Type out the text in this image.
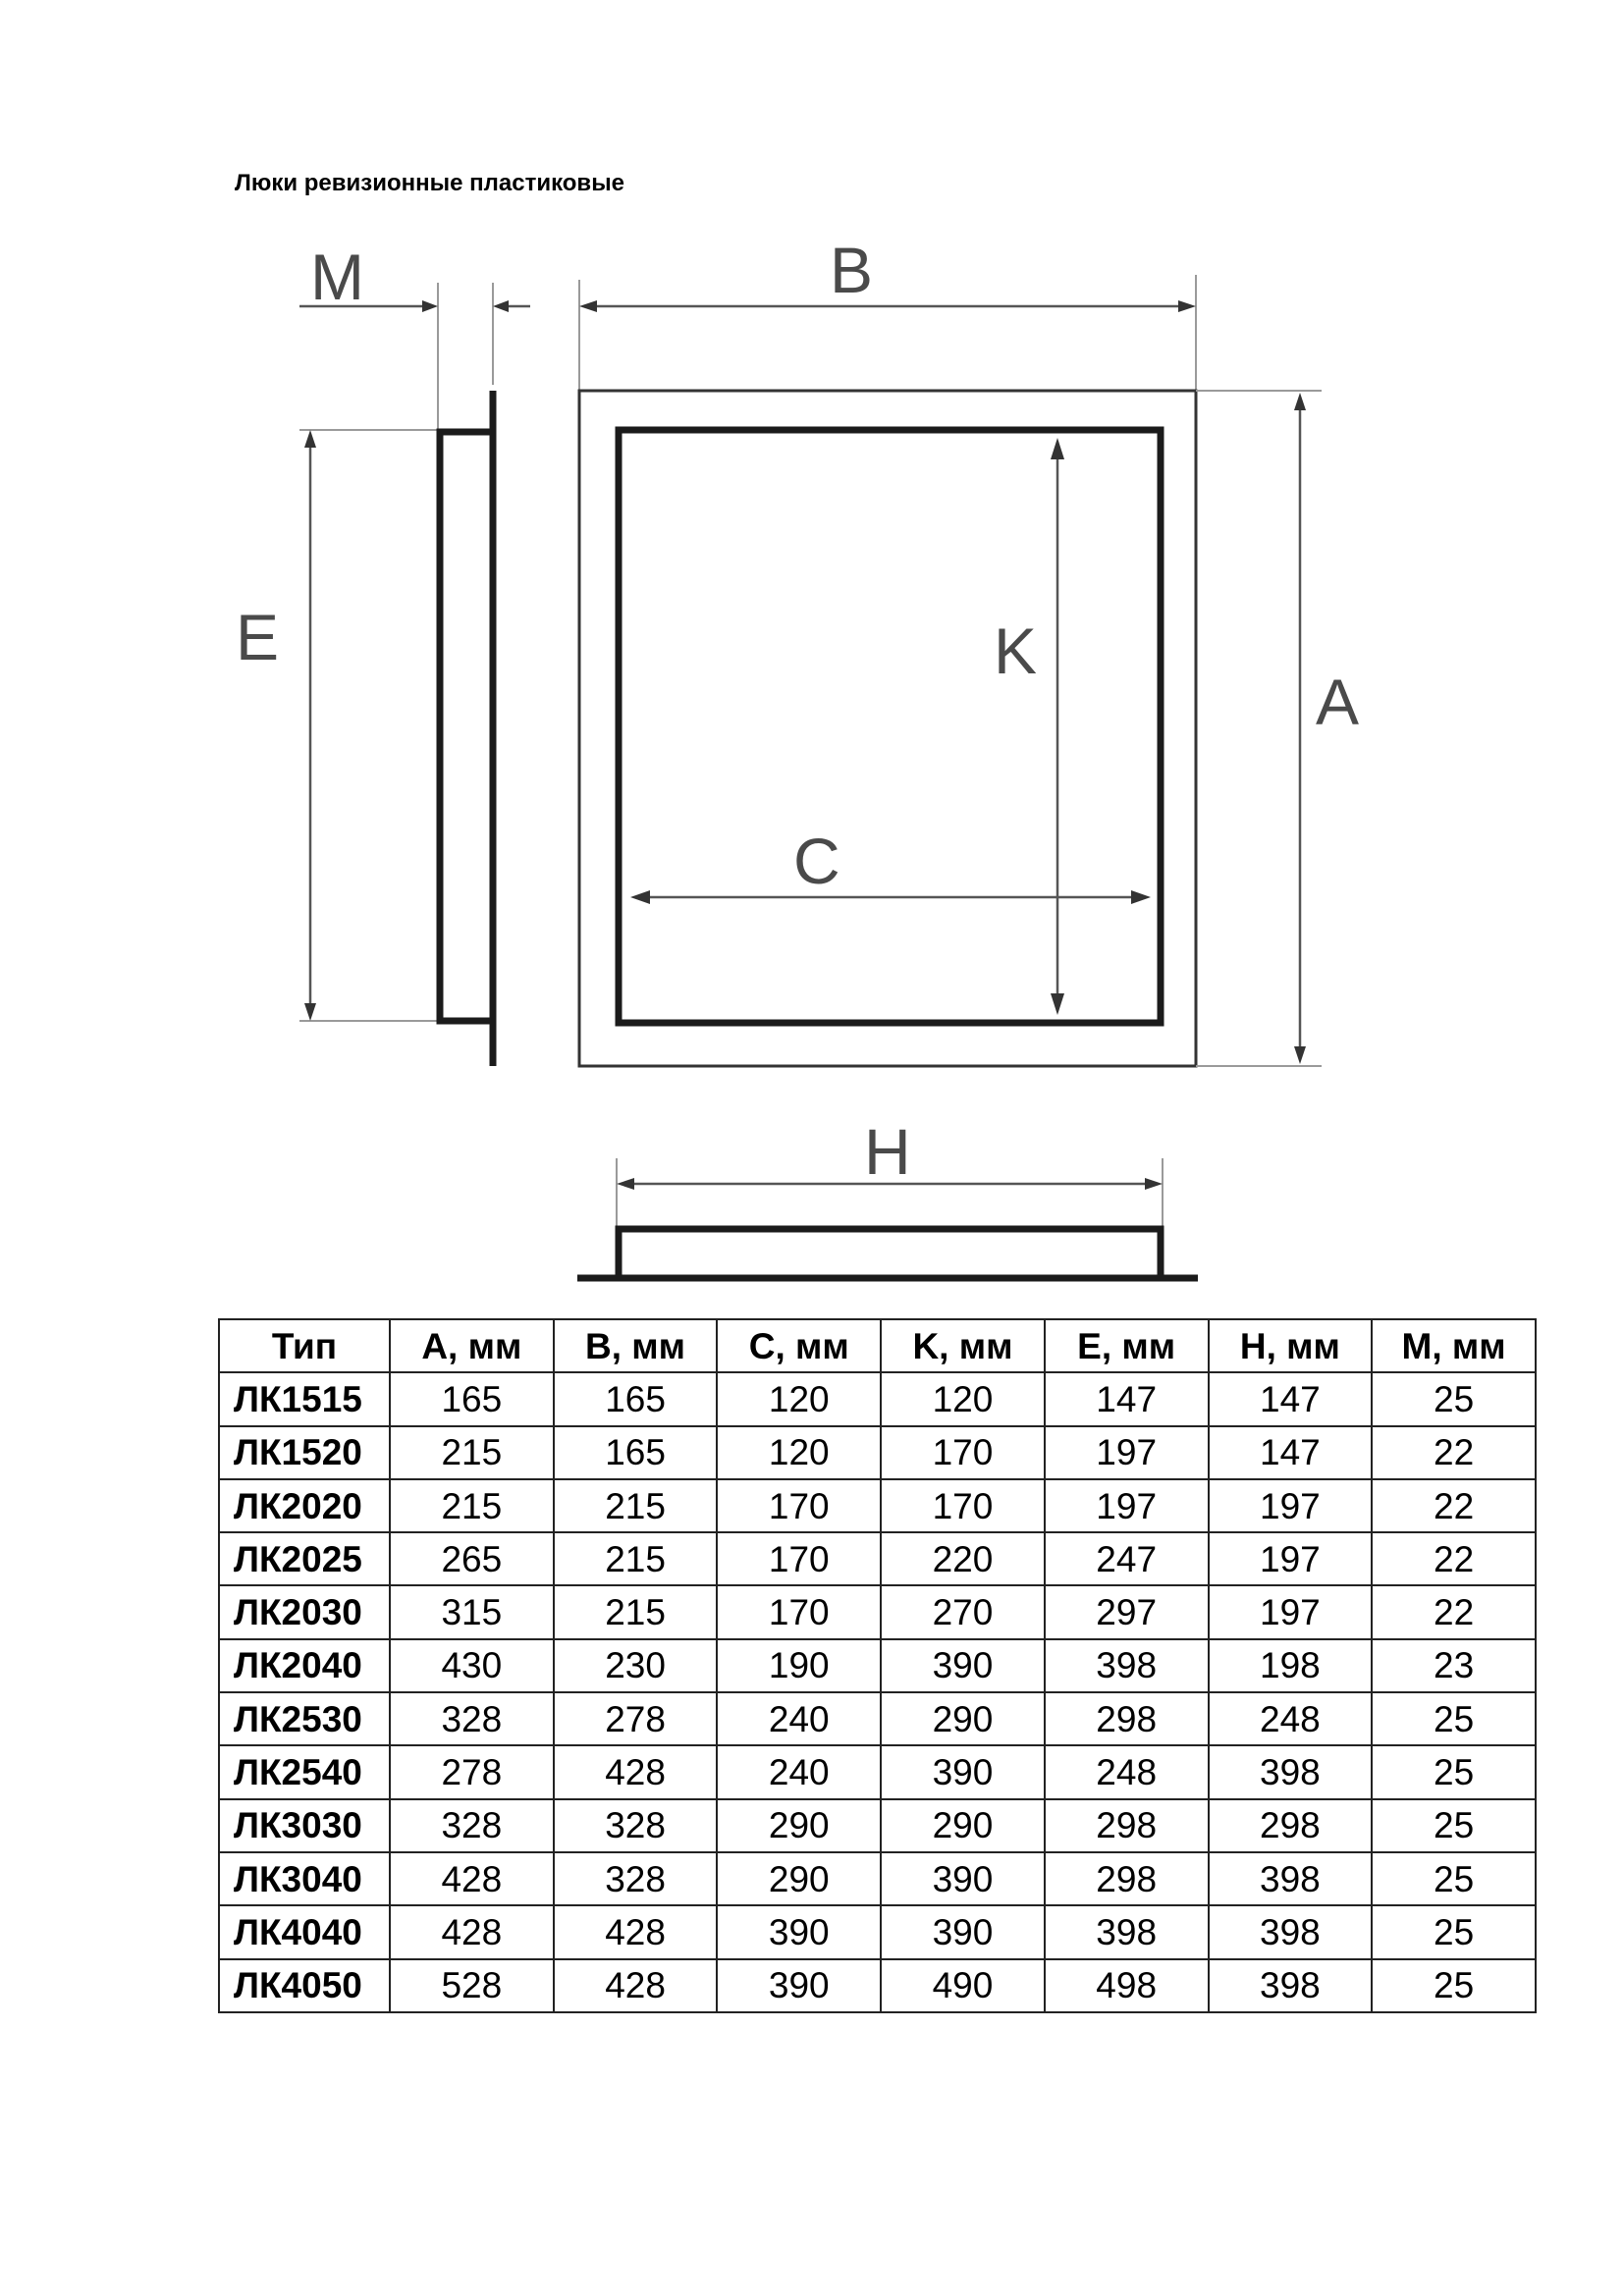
Люки ревизионные пластиковые
M
E
B
A
K
C
H
Тип	A, мм	B, мм	C, мм	K, мм	E, мм	H, мм	M, мм
ЛК1515	165	165	120	120	147	147	25
ЛК1520	215	165	120	170	197	147	22
ЛК2020	215	215	170	170	197	197	22
ЛК2025	265	215	170	220	247	197	22
ЛК2030	315	215	170	270	297	197	22
ЛК2040	430	230	190	390	398	198	23
ЛК2530	328	278	240	290	298	248	25
ЛК2540	278	428	240	390	248	398	25
ЛК3030	328	328	290	290	298	298	25
ЛК3040	428	328	290	390	298	398	25
ЛК4040	428	428	390	390	398	398	25
ЛК4050	528	428	390	490	498	398	25
